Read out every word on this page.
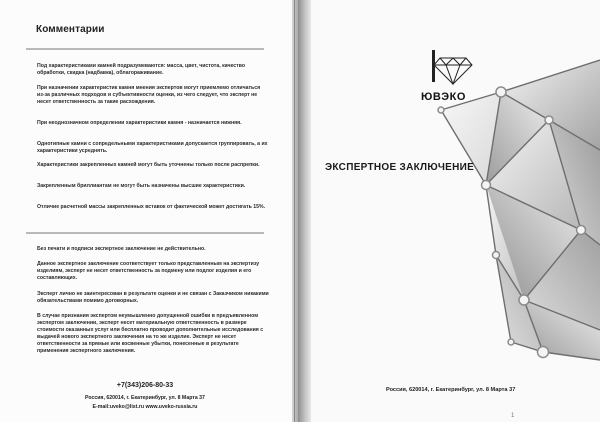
Комментарии

Под характеристиками камней подразумеваются: масса, цвет, чистота, качество обработки, скидка (надбавка), облагораживание.

При назначении характеристик камня мнения экспертов могут приемлемо отличаться из-за различных подходов и субъективности оценки, из чего следует, что эксперт не несет ответственность за такие расхождения.

При неоднозначном определении характеристики камня - назначается нижняя.

Однотипные камни с сопредельными характеристиками допускается группировать, а их характеристики усреднять.

Характеристики закрепленных камней могут быть уточнены только после распрепки.

Закрепленным бриллиантам не могут быть назначены высшие характеристики.

Отличие расчетной массы закрепленных вставок от фактической может достигать 15%.

Без печати и подписи экспертное заключение не действительно.

Данное экспертное заключение соответствует только представленным на экспертизу изделиям, эксперт не несет ответственность за подмену или подлог изделия и его составляющих.

Эксперт лично не заинтересован в результате оценки и не связан с Заказчиком никакими обязательствами помимо договорных.

В случае признания экспертом неумышленно допущенной ошибки в предъявленном экспертом заключении, эксперт несет материальную ответственность в размере стоимости оказанных услуг или бесплатно проводит дополнительные исследования с выдачей нового экспертного заключения на то же изделие. Эксперт не несет ответственности за прямые или косвенные убытки, понесенные в результате применения экспертного заключения.

+7(343)206-80-33
Россия, 620014, г. Екатеринбург, ул. 8 Марта 37
E-mail:uveko@list.ru www.uveko-russia.ru
ЮВЭКО
ЭКСПЕРТНОЕ ЗАКЛЮЧЕНИЕ
Россия, 620014, г. Екатеринбург, ул. 8 Марта 37
1
